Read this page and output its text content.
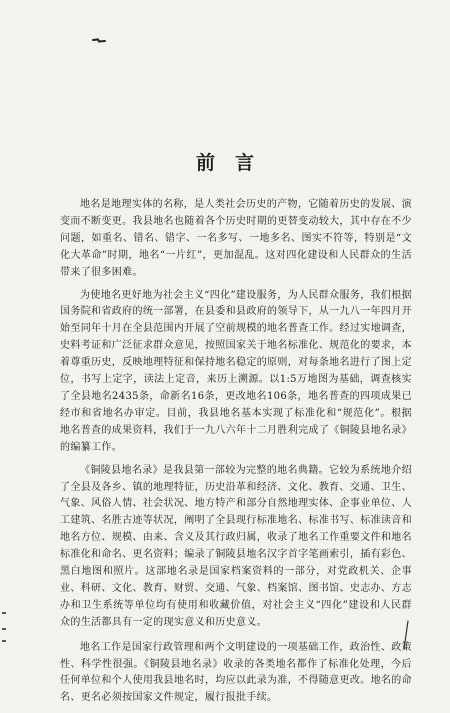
前言

地名是地理实体的名称，是人类社会历史的产物，它随着历史的发展、演变而不断变更。我县地名也随着各个历史时期的更替变动较大，其中存在不少问题，如重名、错名、错字、一名多写、一地多名、图实不符等，特别是“文化大革命”时期，地名“一片红”，更加混乱。这对四化建设和人民群众的生活带来了很多困难。

为使地名更好地为社会主义“四化”建设服务，为人民群众服务，我们根据国务院和省政府的统一部署，在县委和县政府的领导下，从一九八一年四月开始至同年十月在全县范围内开展了空前规模的地名普查工作。经过实地调查，史料考证和广泛征求群众意见，按照国家关于地名标准化、规范化的要求，本着尊重历史，反映地理特征和保持地名稳定的原则，对每条地名进行了图上定位，书写上定字，读法上定音，来历上溯源。以1:5万地图为基础，调查核实了全县地名2435条，命新名16条，更改地名106条，地名普查的四项成果已经市和省地名办审定。目前，我县地名基本实现了标准化和“规范化”。根据地名普查的成果资料，我们于一九八六年十二月胜利完成了《铜陵县地名录》的编纂工作。

《铜陵县地名录》是我县第一部较为完整的地名典籍。它较为系统地介绍了全县及各乡、镇的地理特征，历史沿革和经济、文化、教育、交通、卫生、气象、风俗人情、社会状况、地方特产和部分自然地理实体、企事业单位、人工建筑、名胜古迹等状况，阐明了全县现行标准地名、标准书写、标准读音和地名方位、规模、由来、含义及其行政归属，收录了地名工作重要文件和地名标准化和命名、更名资料；编录了铜陵县地名汉字首字笔画索引，插有彩色、黑白地图和照片。这部地名录是国家档案资料的一部分，对党政机关、企事业、科研、文化、教育、财贸、交通、气象、档案馆、图书馆、史志办、方志办和卫生系统等单位均有使用和收藏价值，对社会主义“四化”建设和人民群众的生活都具有一定的现实意义和历史意义。

地名工作是国家行政管理和两个文明建设的一项基础工作，政治性、政策性、科学性很强。《铜陵县地名录》收录的各类地名都作了标准化处理，今后任何单位和个人使用我县地名时，均应以此录为准，不得随意更改。地名的命名、更名必须按国家文件规定，履行报批手续。
